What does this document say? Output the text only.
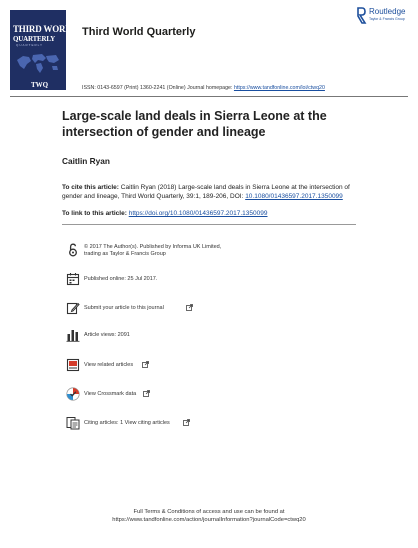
THIRD WORLD
QUARTERLY
QUARTERLY
TWQ
Third World Quarterly
Routledge
Taylor & Francis Group
ISSN: 0143-6597 (Print) 1360-2241 (Online) Journal homepage: https://www.tandfonline.com/loi/ctwq20
Large-scale land deals in Sierra Leone at the intersection of gender and lineage
Caitlin Ryan
To cite this article: Caitlin Ryan (2018) Large-scale land deals in Sierra Leone at the intersection of gender and lineage, Third World Quarterly, 39:1, 189-206, DOI: 10.1080/01436597.2017.1350099
To link to this article: https://doi.org/10.1080/01436597.2017.1350099
© 2017 The Author(s). Published by Informa UK Limited, trading as Taylor & Francis Group
Published online: 25 Jul 2017.
Submit your article to this journal
Article views: 2091
View related articles
View Crossmark data
Citing articles: 1 View citing articles
Full Terms & Conditions of access and use can be found at
https://www.tandfonline.com/action/journalInformation?journalCode=ctwq20
